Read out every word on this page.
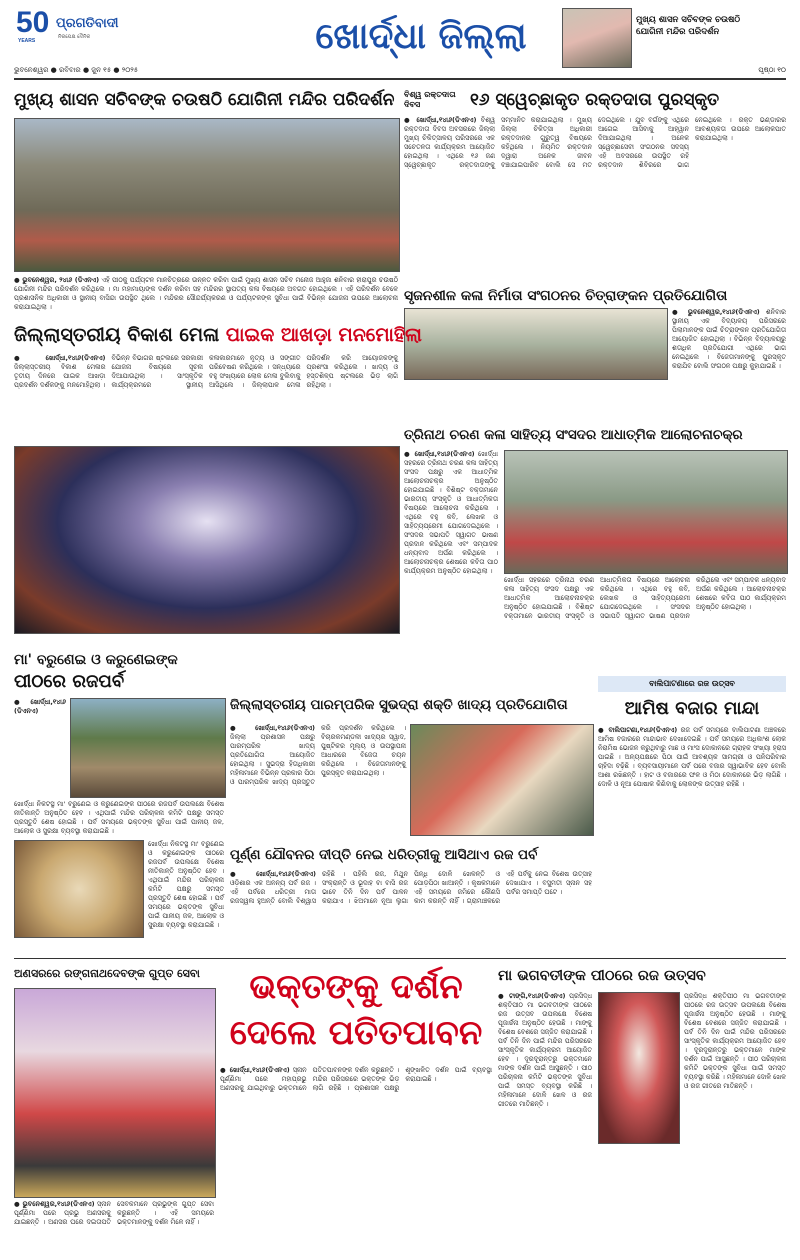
50
YEARS
ପ୍ରଗତିବାଦୀ
ନିରପେକ୍ଷ ଦୈନିକ
ଭୁବନେଶ୍ୱର ● ରବିବାର ● ଜୁନ ୧୫ ● ୨୦୨୫
ଖୋର୍ଦ୍ଧା ଜିଲ୍ଲା	ମୁଖ୍ୟ ଶାସନ ସଚିବଙ୍କ ଚଉଷଠି ଯୋଗିନୀ ମନ୍ଦିର ପରିଦର୍ଶନ
ପୃଷ୍ଠା ୧୦
ମୁଖ୍ୟ ଶାସନ ସଚିବଙ୍କ ଚଉଷଠି ଯୋଗିନୀ ମନ୍ଦିର ପରିଦର୍ଶନ
● ଭୁବନେଶ୍ୱର, ୨୪ା୬ (ଡିଏନଏ) ଏହି ପୀଠକୁ ପର୍ଯ୍ୟଟନ ମାନଚିତ୍ରରେ ଉନ୍ନତ କରିବା ପାଇଁ ମୁଖ୍ୟ ଶାସନ ସଚିବ ମନୋଜ ଆହୁଜା ଶନିବାର ହୀରାପୁର ଚଉଷଠି ଯୋଗିନୀ ମନ୍ଦିର ପରିଦର୍ଶନ କରିଥିଲେ । ମା ମହାମାୟାଙ୍କ ଦର୍ଶନ କରିବା ସହ ମନ୍ଦିରର ସ୍ଥାପତ୍ୟ କଳା ବିଷୟରେ ଅବଗତ ହୋଇଥିଲେ । ଏହି ପରିଦର୍ଶନ ବେଳେ ପ୍ରଶାସନିକ ଅଧିକାରୀ ଓ ସ୍ଥାନୀୟ ବାସିନ୍ଦା ଉପସ୍ଥିତ ଥିଲେ । ମନ୍ଦିରର ସୌନ୍ଦର୍ଯ୍ୟକରଣ ଓ ପର୍ଯ୍ୟଟକଙ୍କ ସୁବିଧା ପାଇଁ ବିଭିନ୍ନ ଯୋଜନା ଉପରେ ଆଲୋଚନା କରାଯାଇଥିଲା ।
ବିଶ୍ୱ ରକ୍ତଦାତା ଦିବସ	୧୬ ସ୍ୱେଚ୍ଛାକୃତ ରକ୍ତଦାତା ପୁରସ୍କୃତ
● ଖୋର୍ଦ୍ଧା,୧୪ା୬(ଡିଏନଏ) ବିଶ୍ୱ ରକ୍ତଦାତା ଦିବସ ଅବସରରେ ଜିଲ୍ଲା ମୁଖ୍ୟ ଚିକିତ୍ସାଳୟ ପରିସରରେ ଏକ ସଚେତନତା କାର୍ଯ୍ୟକ୍ରମ ଆୟୋଜିତ ହୋଇଥିଲା । ଏଥିରେ ୧୬ ଜଣ ସ୍ୱେଚ୍ଛାକୃତ ରକ୍ତଦାତାଙ୍କୁ ସମ୍ମାନିତ କରାଯାଇଥିଲା । ମୁଖ୍ୟ ଜିଲ୍ଲା ଚିକିତ୍ସା ଅଧିକାରୀ ରକ୍ତଦାନର ଗୁରୁତ୍ୱ ବିଷୟରେ କହିଥିଲେ । ନିୟମିତ ରକ୍ତଦାନ ଦ୍ୱାରା ଅନେକ ଜୀବନ ବଞ୍ଚାଯାଇପାରିବ ବୋଲି ସେ ମତ ଦେଇଥିଲେ । ଯୁବ ବର୍ଗଙ୍କୁ ଏଥିରେ ଆଗେଇ ଆସିବାକୁ ଆହ୍ୱାନ ଦିଆଯାଇଥିଲା । ଅନେକ ସ୍ୱେଚ୍ଛାସେବୀ ସଂଗଠନର ସଦସ୍ୟ ଏହି ଅବସରରେ ଉପସ୍ଥିତ ରହି ରକ୍ତଦାନ ଶିବିରରେ ଭାଗ ନେଇଥିଲେ । ରକ୍ତ ଭଣ୍ଡାରର ଆବଶ୍ୟକତା ଉପରେ ଆଲୋକପାତ କରାଯାଇଥିଲା ।
ସୃଜନଶୀଳ କଳା ନିର୍ମାତା ସଂଗଠନର ଚିତ୍ରାଙ୍କନ ପ୍ରତିଯୋଗିତା
● ଭୁବନେଶ୍ୱର,୧୪ା୬(ଡିଏନଏ) ଶନିବାର ସ୍ଥାନୀୟ ଏକ ବିଦ୍ୟାଳୟ ପରିସରରେ ପିଲାମାନଙ୍କ ପାଇଁ ଚିତ୍ରାଙ୍କନ ପ୍ରତିଯୋଗିତା ଆୟୋଜିତ ହୋଇଥିଲା । ବିଭିନ୍ନ ବିଦ୍ୟାଳୟରୁ ଶତାଧିକ ପ୍ରତିଯୋଗୀ ଏଥିରେ ଭାଗ ନେଇଥିଲେ । ବିଜେତାମାନଙ୍କୁ ପୁରସ୍କୃତ କରାଯିବ ବୋଲି ସଂଗଠନ ପକ୍ଷରୁ କୁହାଯାଇଛି ।
ଜିଲ୍ଲାସ୍ତରୀୟ ବିକାଶ ମେଳା ପାଇକ ଆଖଡ଼ା ମନମୋହିଲା
● ଖୋର୍ଦ୍ଧା,୧୪ା୬(ଡିଏନଏ) ଜିଲ୍ଲାସ୍ତରୀୟ ବିକାଶ ମେଳାର ତୃତୀୟ ଦିନରେ ପାଇକ ଆଖଡ଼ା ପ୍ରଦର୍ଶନ ଦର୍ଶକଙ୍କୁ ମନମୋହିଥିଲା । ବିଭିନ୍ନ ବିଭାଗର ଷ୍ଟଲରେ ସରକାରୀ ଯୋଜନା ବିଷୟରେ ସୂଚନା ଦିଆଯାଉଥିଲା । ସାଂସ୍କୃତିକ କାର୍ଯ୍ୟକ୍ରମରେ ସ୍ଥାନୀୟ କଳାକାରମାନେ ନୃତ୍ୟ ଓ ସଙ୍ଗୀତ ପରିବେଷଣ କରିଥିଲେ । ସନ୍ଧ୍ୟାରେ ବହୁ ସଂଖ୍ୟାରେ ଲୋକ ମେଳା ବୁଲିବାକୁ ଆସିଥିଲେ । ଜିଲ୍ଲାପାଳ ମେଳା ପରିଦର୍ଶନ କରି ଆୟୋଜକଙ୍କୁ ପ୍ରଶଂସା କରିଥିଲେ । ଖାଦ୍ୟ ଓ ହସ୍ତଶିଳ୍ପ ଷ୍ଟଲରେ ଭିଡ଼ ଲାଗି ରହିଥିଲା ।
ତ୍ରିନାଥ ଚରଣ କଳା ସାହିତ୍ୟ ସଂସଦର ଆଧାତ୍ମିକ ଆଲୋଚନାଚକ୍ର
● ଖୋର୍ଦ୍ଧା,୧୪ା୬(ଡିଏନଏ) ଖୋର୍ଦ୍ଧା ସହରରେ ତ୍ରିନାଥ ଚରଣ କଳା ସାହିତ୍ୟ ସଂସଦ ପକ୍ଷରୁ ଏକ ଆଧାତ୍ମିକ ଆଲୋଚନାଚକ୍ର ଅନୁଷ୍ଠିତ ହୋଇଯାଇଛି । ବିଶିଷ୍ଟ ବକ୍ତାମାନେ ଭାରତୀୟ ସଂସ୍କୃତି ଓ ଆଧାତ୍ମିକତା ବିଷୟରେ ଆଲୋଚନା କରିଥିଲେ । ଏଥିରେ ବହୁ କବି, ଲେଖକ ଓ ସାହିତ୍ୟପ୍ରେମୀ ଯୋଗଦେଇଥିଲେ । ସଂସଦର ସଭାପତି ସ୍ୱାଗତ ଭାଷଣ ପ୍ରଦାନ କରିଥିଲେ ଏବଂ ସମ୍ପାଦକ ଧନ୍ୟବାଦ ଅର୍ପଣ କରିଥିଲେ । ଆଲୋଚନାଚକ୍ର ଶେଷରେ କବିତା ପାଠ କାର୍ଯ୍ୟକ୍ରମ ଅନୁଷ୍ଠିତ ହୋଇଥିଲା ।
ଖୋର୍ଦ୍ଧା ସହରରେ ତ୍ରିନାଥ ଚରଣ କଳା ସାହିତ୍ୟ ସଂସଦ ପକ୍ଷରୁ ଏକ ଆଧାତ୍ମିକ ଆଲୋଚନାଚକ୍ର ଅନୁଷ୍ଠିତ ହୋଇଯାଇଛି । ବିଶିଷ୍ଟ ବକ୍ତାମାନେ ଭାରତୀୟ ସଂସ୍କୃତି ଓ ଆଧାତ୍ମିକତା ବିଷୟରେ ଆଲୋଚନା କରିଥିଲେ । ଏଥିରେ ବହୁ କବି, ଲେଖକ ଓ ସାହିତ୍ୟପ୍ରେମୀ ଯୋଗଦେଇଥିଲେ । ସଂସଦର ସଭାପତି ସ୍ୱାଗତ ଭାଷଣ ପ୍ରଦାନ କରିଥିଲେ ଏବଂ ସମ୍ପାଦକ ଧନ୍ୟବାଦ ଅର୍ପଣ କରିଥିଲେ । ଆଲୋଚନାଚକ୍ର ଶେଷରେ କବିତା ପାଠ କାର୍ଯ୍ୟକ୍ରମ ଅନୁଷ୍ଠିତ ହୋଇଥିଲା ।
ମା' ବରୁଣେଇ ଓ କରୁଣେଇଙ୍କ
ପୀଠରେ ରଜପର୍ବ
● ଖୋର୍ଦ୍ଧା,୧୪ା୬ (ଡିଏନଏ)
ଖୋର୍ଦ୍ଧା ନିକଟସ୍ଥ ମା' ବରୁଣେଇ ଓ କରୁଣେଇଙ୍କ ପୀଠରେ ରଜପର୍ବ ଉପଲକ୍ଷେ ବିଶେଷ ନୀତିକାନ୍ତି ଅନୁଷ୍ଠିତ ହେବ । ଏଥିପାଇଁ ମନ୍ଦିର ପରିଚାଳନା କମିଟି ପକ୍ଷରୁ ସମସ୍ତ ପ୍ରସ୍ତୁତି ଶେଷ ହୋଇଛି । ପର୍ବ ସମୟରେ ଭକ୍ତଙ୍କ ସୁବିଧା ପାଇଁ ପାନୀୟ ଜଳ, ଆଲୋକ ଓ ସୁରକ୍ଷା ବ୍ୟବସ୍ଥା କରାଯାଇଛି ।
ଖୋର୍ଦ୍ଧା ନିକଟସ୍ଥ ମା' ବରୁଣେଇ ଓ କରୁଣେଇଙ୍କ ପୀଠରେ ରଜପର୍ବ ଉପଲକ୍ଷେ ବିଶେଷ ନୀତିକାନ୍ତି ଅନୁଷ୍ଠିତ ହେବ । ଏଥିପାଇଁ ମନ୍ଦିର ପରିଚାଳନା କମିଟି ପକ୍ଷରୁ ସମସ୍ତ ପ୍ରସ୍ତୁତି ଶେଷ ହୋଇଛି । ପର୍ବ ସମୟରେ ଭକ୍ତଙ୍କ ସୁବିଧା ପାଇଁ ପାନୀୟ ଜଳ, ଆଲୋକ ଓ ସୁରକ୍ଷା ବ୍ୟବସ୍ଥା କରାଯାଇଛି ।
ଜିଲ୍ଲାସ୍ତରୀୟ ପାରମ୍ପରିକ ସୁଭଦ୍ରା ଶକ୍ତି ଖାଦ୍ୟ ପ୍ରତିଯୋଗିତା
● ଖୋର୍ଦ୍ଧା,୧୪ା୬(ଡିଏନଏ) ଜିଲ୍ଲା ପ୍ରଶାସନ ପକ୍ଷରୁ ପାରମ୍ପରିକ ଖାଦ୍ୟ ପ୍ରତିଯୋଗିତା ଆୟୋଜିତ ହୋଇଥିଲା । ସୁଭଦ୍ରା ହିତାଧିକାରୀ ମହିଳାମାନେ ବିଭିନ୍ନ ପ୍ରକାର ପିଠା ଓ ପାରମ୍ପରିକ ଖାଦ୍ୟ ପ୍ରସ୍ତୁତ କରି ପ୍ରଦର୍ଶନ କରିଥିଲେ । ବିଚାରକମଣ୍ଡଳୀ ଖାଦ୍ୟର ସ୍ୱାଦ, ପୁଷ୍ଟିକର ମୂଲ୍ୟ ଓ ଉପସ୍ଥାପନା ଆଧାରରେ ବିଜେତା ଚୟନ କରିଥିଲେ । ବିଜେତାମାନଙ୍କୁ ପୁରସ୍କୃତ କରାଯାଇଥିଲା ।
ପୂର୍ଣ୍ଣ ଯୌବନର ଦୀପ୍ତି ନେଇ ଧରିତ୍ରୀକୁ ଆସିଥାଏ ରଜ ପର୍ବ
● ଖୋର୍ଦ୍ଧା,୧୪ା୬(ଡିଏନଏ) ଓଡ଼ିଶାର ଏକ ଅନନ୍ୟ ପର୍ବ ରଜ । ଏହି ପର୍ବରେ ଧରିତ୍ରୀ ମାତା ରଜସ୍ୱଳା ହୁଅନ୍ତି ବୋଲି ବିଶ୍ୱାସ ରହିଛି । ପହିଲି ରଜ, ମିଥୁନ ସଂକ୍ରାନ୍ତି ଓ ଭୂଦାହ ବା ବାସି ରଜ ଭାବେ ତିନି ଦିନ ପର୍ବ ପାଳନ କରାଯାଏ । ଝିଅମାନେ ନୂଆ ଲୁଗା ପିନ୍ଧି ଦୋଳି ଖେଳନ୍ତି ଓ ପୋଡ଼ପିଠା ଖାଆନ୍ତି । କୃଷକମାନେ ଏହି ସମୟରେ ଜମିରେ କୌଣସି କାମ କରନ୍ତି ନାହିଁ । ଗ୍ରାମାଞ୍ଚଳରେ ଏହି ପର୍ବକୁ ନେଇ ବିଶେଷ ଉତ୍ସାହ ଦେଖାଯାଏ । ବସୁମତୀ ସ୍ନାନ ସହ ପର୍ବର ସମାପ୍ତି ଘଟେ ।
ବାଲିପାଟଣାରେ ରଜ ଉତ୍ସବ
ଆମିଷ ବଜାର ମାନ୍ଦା
● ବାଲିପାଟଣା,୧୪ା୬(ଡିଏନଏ) ରଜ ପର୍ବ ସମୟରେ ବାଲିପାଟଣା ଅଞ୍ଚଳରେ ଆମିଷ ବଜାରରେ ମାନ୍ଦାଭାବ ଦେଖାଦେଇଛି । ପର୍ବ ସମୟରେ ଅଧିକାଂଶ ଲୋକ ନିରାମିଷ ଭୋଜନ କରୁଥିବାରୁ ମାଛ ଓ ମାଂସ ଦୋକାନରେ ଗ୍ରାହକ ସଂଖ୍ୟା ହ୍ରାସ ପାଇଛି । ଅନ୍ୟପକ୍ଷରେ ପିଠା ପାଇଁ ଆବଶ୍ୟକ ସାମଗ୍ରୀ ଓ ପନିପରିବାର ଚାହିଦା ବଢ଼ିଛି । ବ୍ୟବସାୟୀମାନେ ପର୍ବ ପରେ ବଜାର ସ୍ୱାଭାବିକ ହେବ ବୋଲି ଆଶା ରଖିଛନ୍ତି । ହାଟ ଓ ବଜାରରେ ଫଳ ଓ ମିଠା ଦୋକାନରେ ଭିଡ଼ ଲାଗିଛି । ଦୋଳି ଓ ନୂଆ ପୋଷାକ କିଣିବାକୁ ଲୋକଙ୍କ ଉତ୍ସାହ ରହିଛି ।
ଅଣସରରେ ରଙ୍ଗନାଥଦେବଙ୍କ ଗୁପ୍ତ ସେବା
● ଭୁବନେଶ୍ୱର,୧୪ା୬(ଡିଏନଏ) ସ୍ନାନ ପୂର୍ଣ୍ଣିମା ପରେ ପ୍ରଭୁ ଅଣସରକୁ ଯାଇଛନ୍ତି । ଅଣସର ଘରେ ଦଇତାପତି ସେବକମାନେ ପ୍ରଭୁଙ୍କ ଗୁପ୍ତ ସେବା କରୁଛନ୍ତି । ଏହି ସମୟରେ ଭକ୍ତମାନଙ୍କୁ ଦର୍ଶନ ମିଳେ ନାହିଁ ।
ଭକ୍ତଙ୍କୁ ଦର୍ଶନ
ଦେଲେ ପତିତପାବନ
● ଖୋର୍ଦ୍ଧା,୧୪ା୬(ଡିଏନଏ) ସ୍ନାନ ପୂର୍ଣ୍ଣିମା ପରେ ମହାପ୍ରଭୁ ଅଣସରକୁ ଯାଇଥିବାରୁ ଭକ୍ତମାନେ ପତିତପାବନଙ୍କ ଦର୍ଶନ କରୁଛନ୍ତି । ମନ୍ଦିର ପରିସରରେ ଭକ୍ତଙ୍କ ଭିଡ଼ ଲାଗି ରହିଛି । ପ୍ରଶାସନ ପକ୍ଷରୁ ଶୃଙ୍ଖଳିତ ଦର୍ଶନ ପାଇଁ ବ୍ୟବସ୍ଥା କରାଯାଇଛି ।
ମା ଭଗବତୀଙ୍କ ପୀଠରେ ରଜ ଉତ୍ସବ
● ଟାଙ୍ଗି,୧୪ା୬(ଡିଏନଏ) ପ୍ରସିଦ୍ଧ ଶକ୍ତିପୀଠ ମା ଭଗବତୀଙ୍କ ପୀଠରେ ରଜ ଉତ୍ସବ ଉପଲକ୍ଷେ ବିଶେଷ ପୂଜାର୍ଚ୍ଚନା ଅନୁଷ୍ଠିତ ହେଉଛି । ମାଙ୍କୁ ବିଶେଷ ବେଶରେ ସଜ୍ଜିତ କରାଯାଇଛି । ପର୍ବ ତିନି ଦିନ ପାଇଁ ମନ୍ଦିର ପରିସରରେ ସାଂସ୍କୃତିକ କାର୍ଯ୍ୟକ୍ରମ ଆୟୋଜିତ ହେବ । ଦୂରଦୂରାନ୍ତରୁ ଭକ୍ତମାନେ ମାଙ୍କ ଦର୍ଶନ ପାଇଁ ଆସୁଛନ୍ତି । ପୀଠ ପରିଚାଳନା କମିଟି ଭକ୍ତଙ୍କ ସୁବିଧା ପାଇଁ ସମସ୍ତ ବ୍ୟବସ୍ଥା କରିଛି । ମହିଳାମାନେ ଦୋଳି ଖେଳ ଓ ରଜ ଗୀତରେ ମାତିଛନ୍ତି ।
ପ୍ରସିଦ୍ଧ ଶକ୍ତିପୀଠ ମା ଭଗବତୀଙ୍କ ପୀଠରେ ରଜ ଉତ୍ସବ ଉପଲକ୍ଷେ ବିଶେଷ ପୂଜାର୍ଚ୍ଚନା ଅନୁଷ୍ଠିତ ହେଉଛି । ମାଙ୍କୁ ବିଶେଷ ବେଶରେ ସଜ୍ଜିତ କରାଯାଇଛି । ପର୍ବ ତିନି ଦିନ ପାଇଁ ମନ୍ଦିର ପରିସରରେ ସାଂସ୍କୃତିକ କାର୍ଯ୍ୟକ୍ରମ ଆୟୋଜିତ ହେବ । ଦୂରଦୂରାନ୍ତରୁ ଭକ୍ତମାନେ ମାଙ୍କ ଦର୍ଶନ ପାଇଁ ଆସୁଛନ୍ତି । ପୀଠ ପରିଚାଳନା କମିଟି ଭକ୍ତଙ୍କ ସୁବିଧା ପାଇଁ ସମସ୍ତ ବ୍ୟବସ୍ଥା କରିଛି । ମହିଳାମାନେ ଦୋଳି ଖେଳ ଓ ରଜ ଗୀତରେ ମାତିଛନ୍ତି ।
